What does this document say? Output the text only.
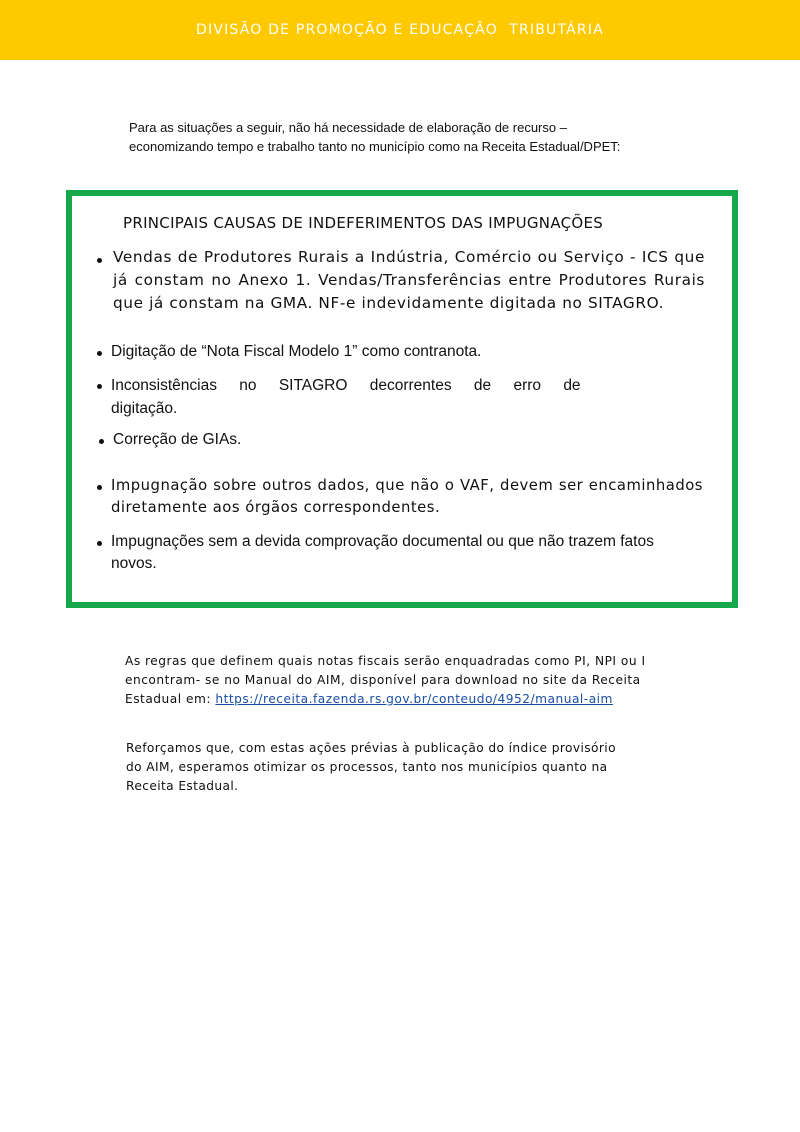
DIVISÃO DE PROMOÇÃO E EDUCAÇÃO  TRIBUTÁRIA

Para as situações a seguir, não há necessidade de elaboração de recurso –

economizando tempo e trabalho tanto no município como na Receita Estadual/DPET:

PRINCIPAIS CAUSAS DE INDEFERIMENTOS DAS IMPUGNAÇÕES
Vendas de Produtores Rurais a Indústria, Comércio ou Serviço - ICS que já constam no Anexo 1. Vendas/Transferências entre Produtores Rurais que já constam na GMA. NF-e indevidamente digitada no SITAGRO.
Digitação de “Nota Fiscal Modelo 1” como contranota.
Inconsistências no SITAGRO decorrentes de erro de digitação.
Correção de GIAs.
Impugnação sobre outros dados, que não o VAF, devem ser encaminhados diretamente aos órgãos correspondentes.
Impugnações sem a devida comprovação documental ou que não trazem fatos novos.

As regras que definem quais notas fiscais serão enquadradas como PI, NPI ou I

encontram- se no Manual do AIM, disponível para download no site da Receita

Estadual em: https://receita.fazenda.rs.gov.br/conteudo/4952/manual-aim

Reforçamos que, com estas ações prévias à publicação do índice provisório

do AIM, esperamos otimizar os processos, tanto nos municípios quanto na

Receita Estadual.
